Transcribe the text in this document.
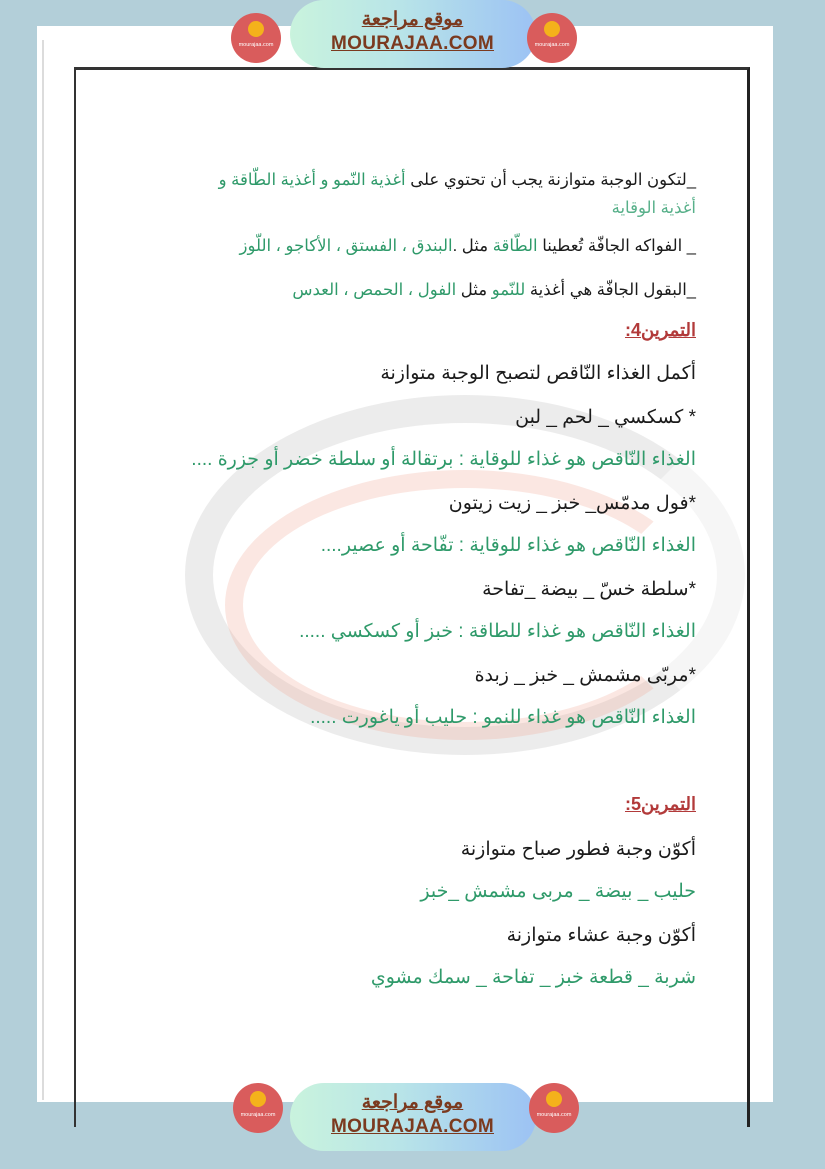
mourajaa.com
موقع مراجعة
MOURAJAA.COM	mourajaa.com
_لتكون الوجبة متوازنة يجب أن تحتوي على أغذية النّمو و أغذية الطّاقة و
أغذية الوقاية
_ الفواكه الجافّة تُعطينا الطّاقة مثل .البندق ، الفستق ، الأكاجو ، اللّوز
_البقول الجافّة هي أغذية للنّمو مثل الفول ، الحمص ، العدس
التمرين4:
أكمل الغذاء النّاقص لتصبح الوجبة متوازنة
* كسكسي _ لحم _ لبن
الغذاء النّاقص هو غذاء للوقاية : برتقالة أو سلطة خضر أو جزرة ....
*فول مدمّس_ خبز _ زيت زيتون
الغذاء النّاقص هو غذاء للوقاية : تفّاحة أو عصير....
*سلطة خسّ _ بيضة _تفاحة
الغذاء النّاقص هو غذاء للطاقة : خبز أو كسكسي .....
*مربّى مشمش _ خبز _ زبدة
الغذاء النّاقص هو غذاء للنمو : حليب أو ياغورت .....
التمرين5:
أكوّن وجبة فطور صباح متوازنة
حليب _ بيضة _ مربى مشمش _خبز
أكوّن وجبة عشاء متوازنة
شربة _ قطعة خبز _ تفاحة _ سمك مشوي
mourajaa.com
موقع مراجعة
MOURAJAA.COM
mourajaa.com
